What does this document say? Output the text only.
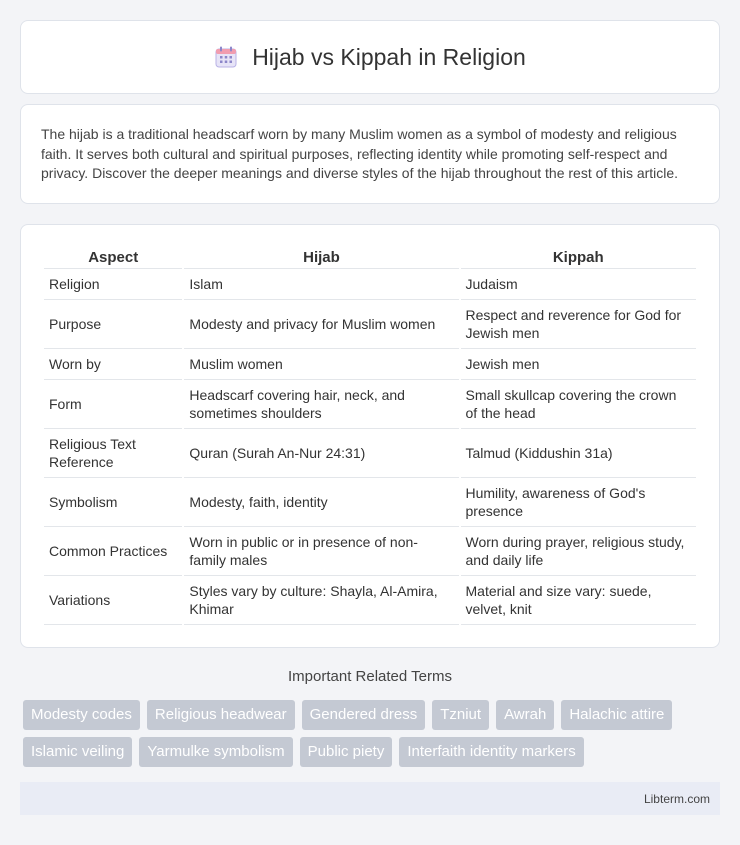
Hijab vs Kippah in Religion

The hijab is a traditional headscarf worn by many Muslim women as a symbol of modesty and religious faith. It serves both cultural and spiritual purposes, reflecting identity while promoting self-respect and privacy. Discover the deeper meanings and diverse styles of the hijab throughout the rest of this article.

Aspect	Hijab	Kippah
Religion	Islam	Judaism
Purpose	Modesty and privacy for Muslim women	Respect and reverence for God for Jewish men
Worn by	Muslim women	Jewish men
Form	Headscarf covering hair, neck, and sometimes shoulders	Small skullcap covering the crown of the head
Religious Text Reference	Quran (Surah An-Nur 24:31)	Talmud (Kiddushin 31a)
Symbolism	Modesty, faith, identity	Humility, awareness of God's presence
Common Practices	Worn in public or in presence of non-family males	Worn during prayer, religious study, and daily life
Variations	Styles vary by culture: Shayla, Al-Amira, Khimar	Material and size vary: suede, velvet, knit
Important Related Terms
Modesty codes	Religious headwear	Gendered dress	Tzniut	Awrah	Halachic attire
Islamic veiling	Yarmulke symbolism	Public piety	Interfaith identity markers
Libterm.com
